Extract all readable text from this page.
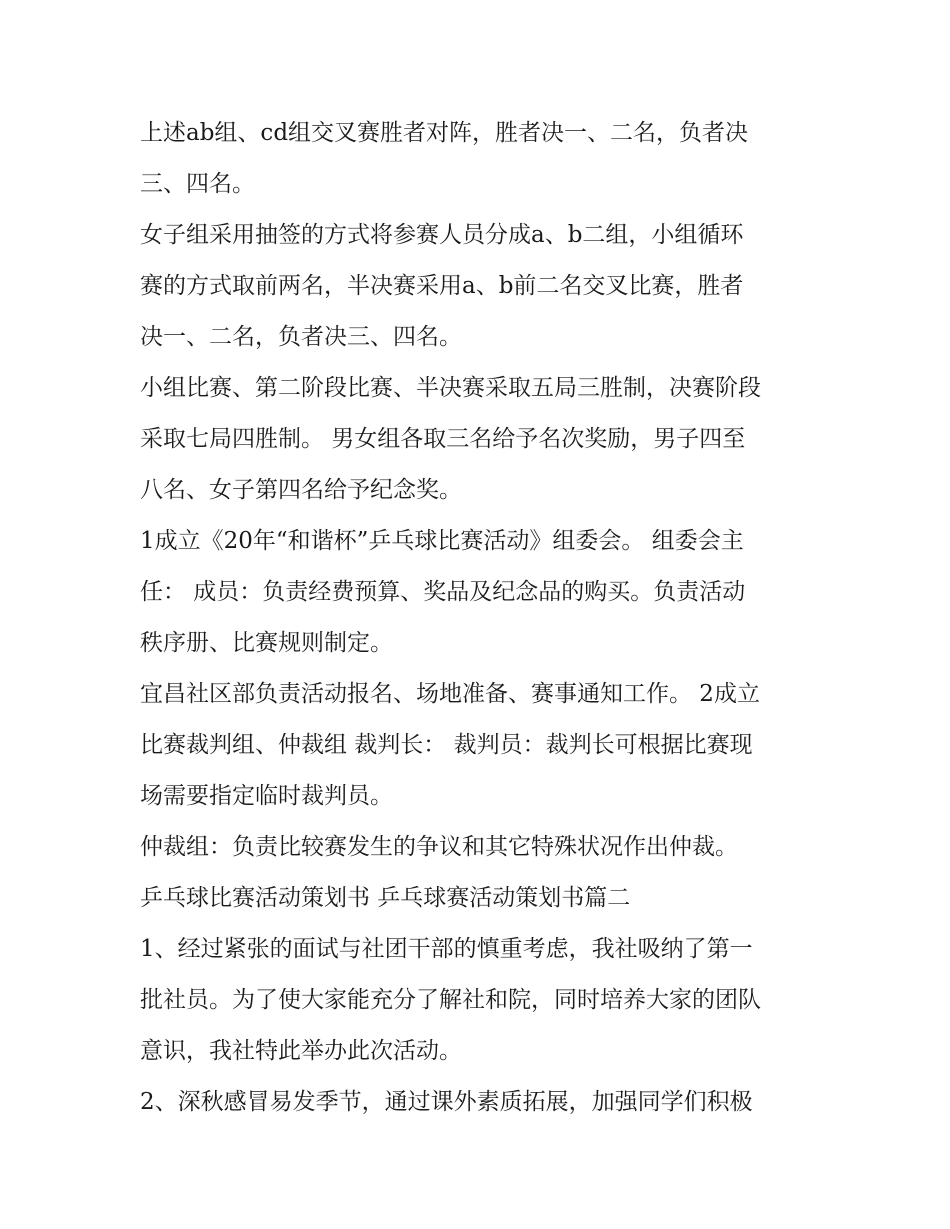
上述ab组、cd组交叉赛胜者对阵，胜者决一、二名，负者决
三、四名。

女子组采用抽签的方式将参赛人员分成a、b二组，小组循环
赛的方式取前两名，半决赛采用a、b前二名交叉比赛，胜者
决一、二名，负者决三、四名。

小组比赛、第二阶段比赛、半决赛采取五局三胜制，决赛阶段
采取七局四胜制。 男女组各取三名给予名次奖励，男子四至
八名、女子第四名给予纪念奖。

1成立《20年“和谐杯”乒乓球比赛活动》组委会。 组委会主
任： 成员：负责经费预算、奖品及纪念品的购买。负责活动
秩序册、比赛规则制定。

宜昌社区部负责活动报名、场地准备、赛事通知工作。 2成立
比赛裁判组、仲裁组 裁判长： 裁判员：裁判长可根据比赛现
场需要指定临时裁判员。

仲裁组：负责比较赛发生的争议和其它特殊状况作出仲裁。

乒乓球比赛活动策划书 乒乓球赛活动策划书篇二

1、经过紧张的面试与社团干部的慎重考虑，我社吸纳了第一
批社员。为了使大家能充分了解社和院，同时培养大家的团队
意识，我社特此举办此次活动。

2、深秋感冒易发季节，通过课外素质拓展，加强同学们积极
